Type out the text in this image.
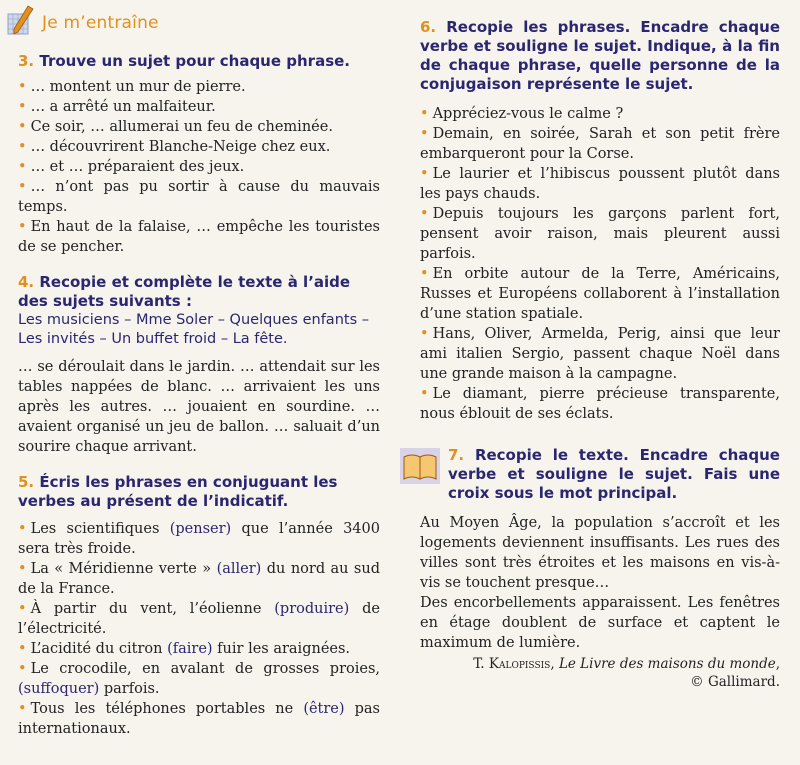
Je m’entraîne

3. Trouve un sujet pour chaque phrase.

• … montent un mur de pierre.

• … a arrêté un malfaiteur.

• Ce soir, … allumerai un feu de cheminée.

• … découvrirent Blanche-Neige chez eux.

• … et … préparaient des jeux.

• … n’ont pas pu sortir à cause du mauvais temps.

• En haut de la falaise, … empêche les touristes de se pencher.

4. Recopie et complète le texte à l’aide des sujets suivants :

Les musiciens – Mme Soler – Quelques enfants – Les invités – Un buffet froid – La fête.

… se déroulait dans le jardin. … attendait sur les tables nappées de blanc. … arrivaient les uns après les autres. … jouaient en sourdine. … avaient organisé un jeu de ballon. … saluait d’un sourire chaque arrivant.

5. Écris les phrases en conjuguant les verbes au présent de l’indicatif.

• Les scientifiques (penser) que l’année 3400 sera très froide.

• La « Méridienne verte » (aller) du nord au sud de la France.

• À partir du vent, l’éolienne (produire) de l’électricité.

• L’acidité du citron (faire) fuir les araignées.

• Le crocodile, en avalant de grosses proies, (suffoquer) parfois.

• Tous les téléphones portables ne (être) pas internationaux.

6. Recopie les phrases. Encadre chaque verbe et souligne le sujet. Indique, à la fin de chaque phrase, quelle personne de la conjugaison représente le sujet.

• Appréciez-vous le calme ?

• Demain, en soirée, Sarah et son petit frère embarqueront pour la Corse.

• Le laurier et l’hibiscus poussent plutôt dans les pays chauds.

• Depuis toujours les garçons parlent fort, pensent avoir raison, mais pleurent aussi parfois.

• En orbite autour de la Terre, Américains, Russes et Européens collaborent à l’installation d’une station spatiale.

• Hans, Oliver, Armelda, Perig, ainsi que leur ami italien Sergio, passent chaque Noël dans une grande maison à la campagne.

• Le diamant, pierre précieuse transparente, nous éblouit de ses éclats.

7. Recopie le texte. Encadre chaque verbe et souligne le sujet. Fais une croix sous le mot principal.

Au Moyen Âge, la population s’accroît et les logements deviennent insuffisants. Les rues des villes sont très étroites et les maisons en vis-à-vis se touchent presque…

Des encorbellements apparaissent. Les fenêtres en étage doublent de surface et captent le maximum de lumière.

T. Kalopissis, Le Livre des maisons du monde,
© Gallimard.
